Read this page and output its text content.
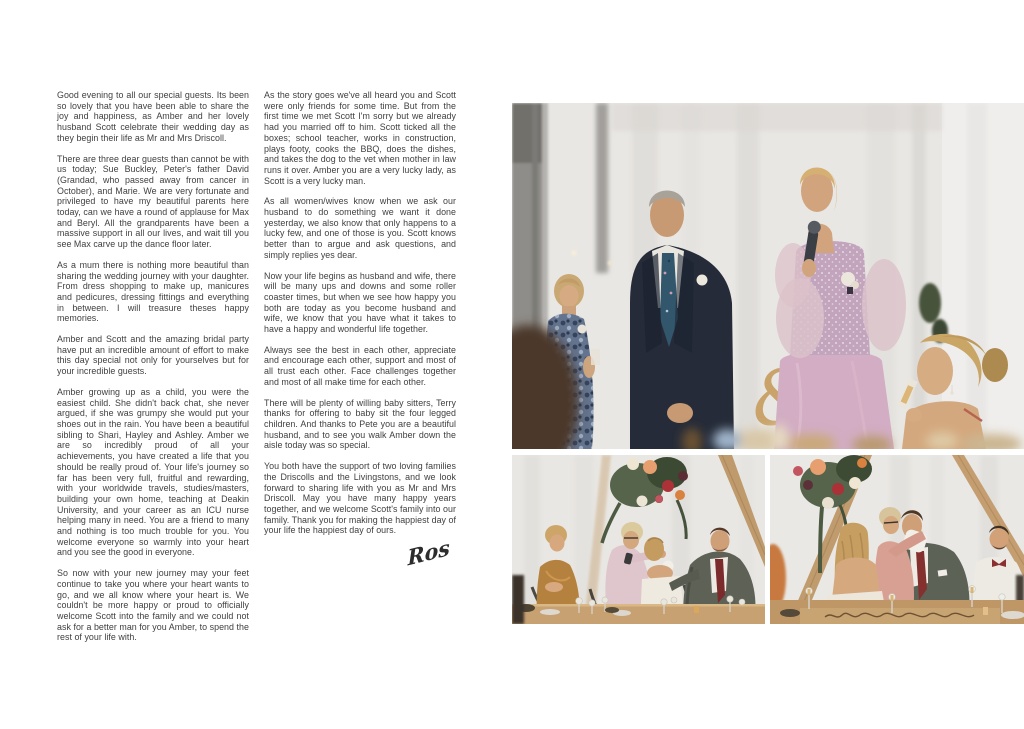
Good evening to all our special guests. Its been so lovely that you have been able to share the joy and happiness, as Amber and her lovely husband Scott celebrate their wedding day as they begin their life as Mr and Mrs Driscoll.

There are three dear guests than cannot be with us today; Sue Buckley, Peter's father David (Grandad, who passed away from cancer in October), and Marie. We are very fortunate and privileged to have my beautiful parents here today, can we have a round of applause for Max and Beryl. All the grandparents have been a massive support in all our lives, and wait till you see Max carve up the dance floor later.

As a mum there is nothing more beautiful than sharing the wedding journey with your daughter. From dress shopping to make up, manicures and pedicures, dressing fittings and everything in between. I will treasure theses happy memories.

Amber and Scott and the amazing bridal party have put an incredible amount of effort to make this day special not only for yourselves but for your incredible guests.

Amber growing up as a child, you were the easiest child. She didn't back chat, she never argued, if she was grumpy she would put your shoes out in the rain. You have been a beautiful sibling to Shari, Hayley and Ashley. Amber we are so incredibly proud of all your achievements, you have created a life that you should be really proud of. Your life's journey so far has been very full, fruitful and rewarding, with your worldwide travels, studies/masters, building your own home, teaching at Deakin University, and your career as an ICU nurse helping many in need. You are a friend to many and nothing is too much trouble for you. You welcome everyone so warmly into your heart and you see the good in everyone.

So now with your new journey may your feet continue to take you where your heart wants to go, and we all know where your heart is. We couldn't be more happy or proud to officially welcome Scott into the family and we could not ask for a better man for you Amber, to spend the rest of your life with.

As the story goes we've all heard you and Scott were only friends for some time. But from the first time we met Scott I'm sorry but we already had you married off to him. Scott ticked all the boxes; school teacher, works in construction, plays footy, cooks the BBQ, does the dishes, and takes the dog to the vet when mother in law runs it over. Amber you are a very lucky lady, as Scott is a very lucky man.

As all women/wives know when we ask our husband to do something we want it done yesterday, we also know that only happens to a lucky few, and one of those is you. Scott knows better than to argue and ask questions, and simply replies yes dear.

Now your life begins as husband and wife, there will be many ups and downs and some roller coaster times, but when we see how happy you both are today as you become husband and wife, we know that you have what it takes to have a happy and wonderful life together.

Always see the best in each other, appreciate and encourage each other, support and most of all trust each other. Face challenges together and most of all make time for each other.

There will be plenty of willing baby sitters, Terry thanks for offering to baby sit the four legged children. And thanks to Pete you are a beautiful husband, and to see you walk Amber down the aisle today was so special.

You both have the support of two loving families the Driscolls and the Livingstons, and we look forward to sharing life with you as Mr and Mrs Driscoll. May you have many happy years together, and we welcome Scott's family into our family. Thank you for making the happiest day of your life the happiest day of ours.

Ros
